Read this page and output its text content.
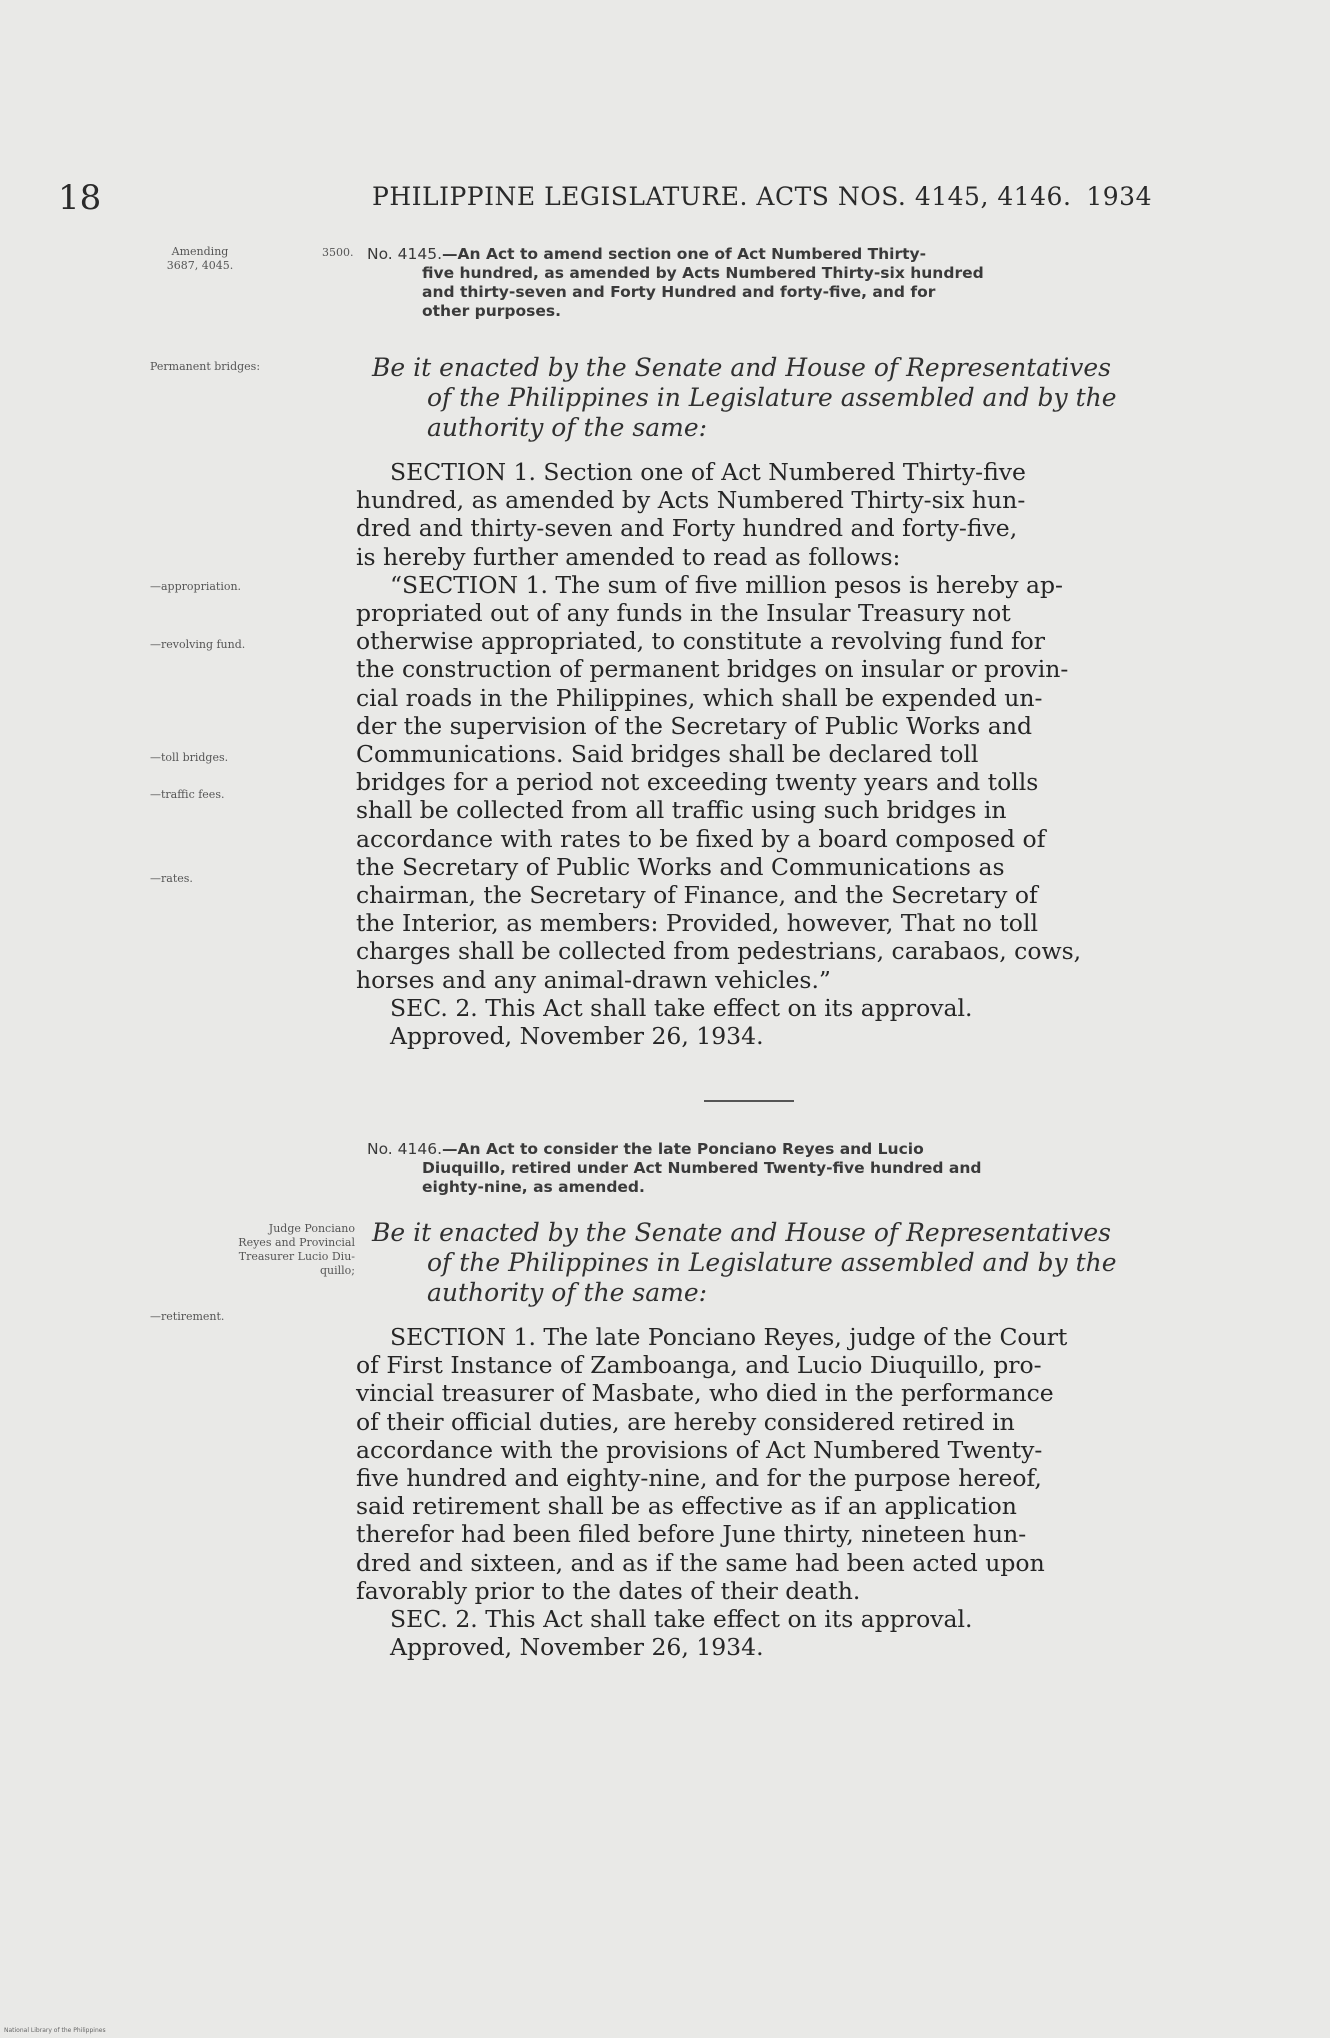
18	PHILIPPINE LEGISLATURE. ACTS NOS. 4145, 4146. 1934
Amending
3687, 4045.
3500. No. 4145.—An Act to amend section one of Act Numbered Thirty-
five hundred, as amended by Acts Numbered Thirty-six hundred
and thirty-seven and Forty Hundred and forty-five, and for
other purposes.
Permanent bridges:	Be it enacted by the Senate and House of Representatives
of the Philippines in Legislature assembled and by the
authority of the same:
—appropriation.
—revolving fund.
—toll bridges.
—traffic fees.
—rates.
SECTION 1. Section one of Act Numbered Thirty-five
hundred, as amended by Acts Numbered Thirty-six hun-
dred and thirty-seven and Forty hundred and forty-five,
is hereby further amended to read as follows:
“SECTION 1. The sum of five million pesos is hereby ap-
propriated out of any funds in the Insular Treasury not
otherwise appropriated, to constitute a revolving fund for
the construction of permanent bridges on insular or provin-
cial roads in the Philippines, which shall be expended un-
der the supervision of the Secretary of Public Works and
Communications. Said bridges shall be declared toll
bridges for a period not exceeding twenty years and tolls
shall be collected from all traffic using such bridges in
accordance with rates to be fixed by a board composed of
the Secretary of Public Works and Communications as
chairman, the Secretary of Finance, and the Secretary of
the Interior, as members: Provided, however, That no toll
charges shall be collected from pedestrians, carabaos, cows,
horses and any animal-drawn vehicles.”
SEC. 2. This Act shall take effect on its approval.
Approved, November 26, 1934.
No. 4146.—An Act to consider the late Ponciano Reyes and Lucio
Diuquillo, retired under Act Numbered Twenty-five hundred and
eighty-nine, as amended.
Judge Ponciano
Reyes and Provincial
Treasurer Lucio Diu-
quillo;
Be it enacted by the Senate and House of Representatives
of the Philippines in Legislature assembled and by the
authority of the same:
—retirement.
SECTION 1. The late Ponciano Reyes, judge of the Court
of First Instance of Zamboanga, and Lucio Diuquillo, pro-
vincial treasurer of Masbate, who died in the performance
of their official duties, are hereby considered retired in
accordance with the provisions of Act Numbered Twenty-
five hundred and eighty-nine, and for the purpose hereof,
said retirement shall be as effective as if an application
therefor had been filed before June thirty, nineteen hun-
dred and sixteen, and as if the same had been acted upon
favorably prior to the dates of their death.
SEC. 2. This Act shall take effect on its approval.
Approved, November 26, 1934.
National Library of the Philippines
